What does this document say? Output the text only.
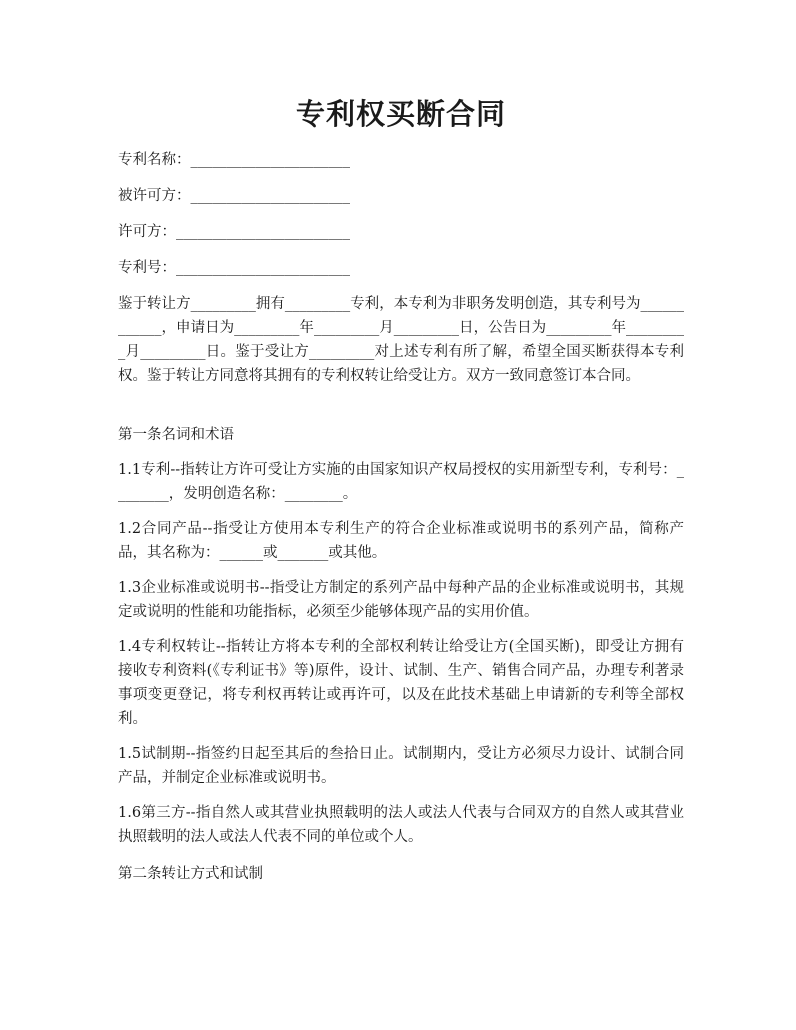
专利权买断合同
专利名称：______________________
被许可方：______________________
许可方：________________________
专利号：________________________

鉴于转让方_________拥有_________专利，本专利为非职务发明创造，其专利号为____________，申请日为_________年_________月_________日，公告日为_________年_________月_________日。鉴于受让方_________对上述专利有所了解，希望全国买断获得本专利权。鉴于转让方同意将其拥有的专利权转让给受让方。双方一致同意签订本合同。

第一条名词和术语

1.1专利--指转让方许可受让方实施的由国家知识产权局授权的实用新型专利，专利号：________，发明创造名称：________。

1.2合同产品--指受让方使用本专利生产的符合企业标准或说明书的系列产品，简称产品，其名称为：______或_______或其他。

1.3企业标准或说明书--指受让方制定的系列产品中每种产品的企业标准或说明书，其规定或说明的性能和功能指标，必须至少能够体现产品的实用价值。

1.4专利权转让--指转让方将本专利的全部权利转让给受让方(全国买断)，即受让方拥有接收专利资料(《专利证书》等)原件，设计、试制、生产、销售合同产品，办理专利著录事项变更登记，将专利权再转让或再许可，以及在此技术基础上申请新的专利等全部权利。

1.5试制期--指签约日起至其后的叁拾日止。试制期内，受让方必须尽力设计、试制合同产品，并制定企业标准或说明书。

1.6第三方--指自然人或其营业执照载明的法人或法人代表与合同双方的自然人或其营业执照载明的法人或法人代表不同的单位或个人。

第二条转让方式和试制
